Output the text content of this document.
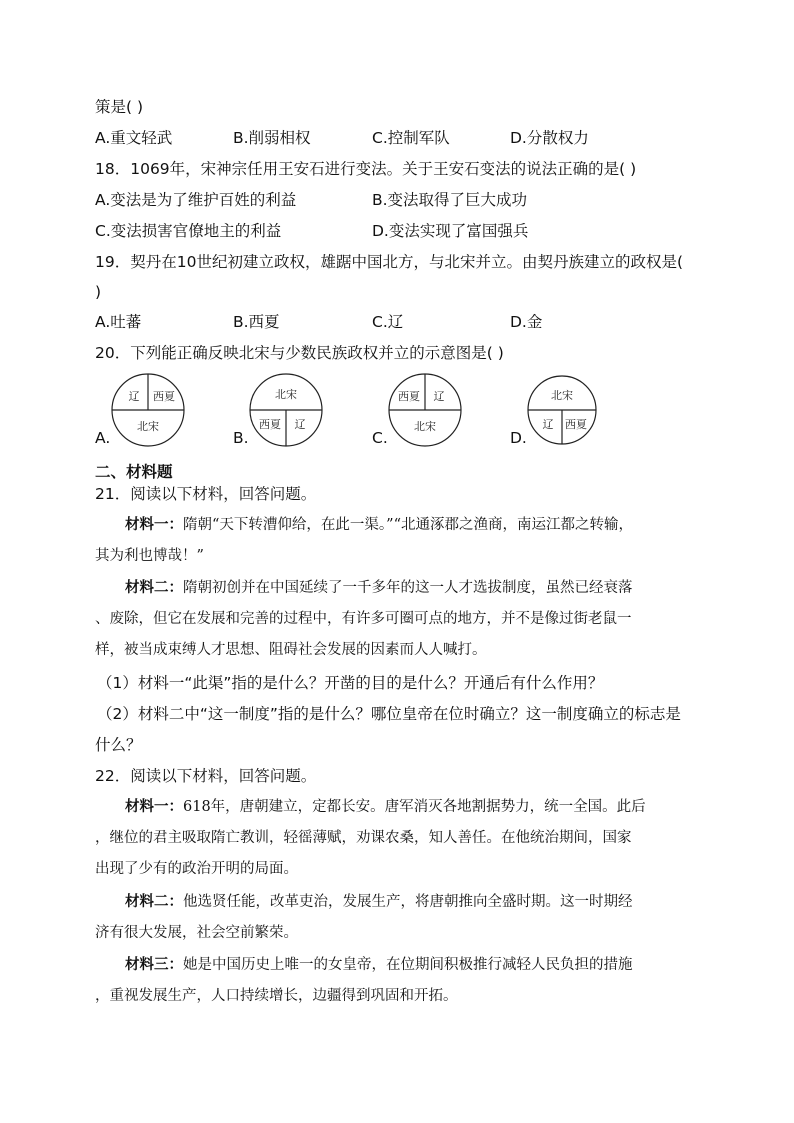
策是( )
A.重文轻武	B.削弱相权	C.控制军队	D.分散权力
18．1069年，宋神宗任用王安石进行变法。关于王安石变法的说法正确的是( )
A.变法是为了维护百姓的利益	B.变法取得了巨大成功
C.变法损害官僚地主的利益	D.变法实现了富国强兵
19．契丹在10世纪初建立政权，雄踞中国北方，与北宋并立。由契丹族建立的政权是(
)
A.吐蕃	B.西夏	C.辽	D.金
20．下列能正确反映北宋与少数民族政权并立的示意图是( )
A.
辽 西夏
北宋
B.
北宋
西夏 辽
C.
西夏 辽
北宋
D.
北宋
辽 西夏
二、材料题
21．阅读以下材料，回答问题。
材料一：隋朝“天下转漕仰给，在此一渠。”“北通涿郡之渔商，南运江都之转输，
其为利也博哉！”
材料二：隋朝初创并在中国延续了一千多年的这一人才选拔制度，虽然已经衰落
、废除，但它在发展和完善的过程中，有许多可圈可点的地方，并不是像过街老鼠一
样，被当成束缚人才思想、阻碍社会发展的因素而人人喊打。
（1）材料一“此渠”指的是什么？开凿的目的是什么？开通后有什么作用？
（2）材料二中“这一制度”指的是什么？哪位皇帝在位时确立？这一制度确立的标志是
什么？
22．阅读以下材料，回答问题。
材料一：618年，唐朝建立，定都长安。唐军消灭各地割据势力，统一全国。此后
，继位的君主吸取隋亡教训，轻徭薄赋，劝课农桑，知人善任。在他统治期间，国家
出现了少有的政治开明的局面。
材料二：他选贤任能，改革吏治，发展生产，将唐朝推向全盛时期。这一时期经
济有很大发展，社会空前繁荣。
材料三：她是中国历史上唯一的女皇帝，在位期间积极推行减轻人民负担的措施
，重视发展生产，人口持续增长，边疆得到巩固和开拓。
